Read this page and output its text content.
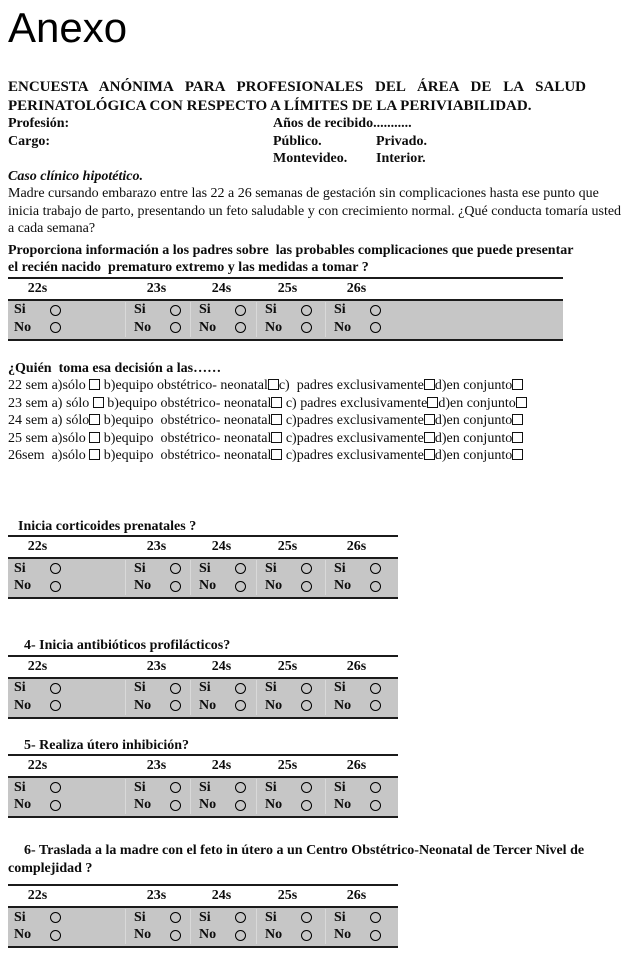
Anexo
ENCUESTA ANÓNIMA PARA PROFESIONALES DEL ÁREA DE LA SALUD
PERINATOLÓGICA CON RESPECTO A LÍMITES DE LA PERIVIABILIDAD.
Profesión:	Años de recibido...........
Cargo:	Público.	Privado.
Montevideo. Interior.
Caso clínico hipotético.
Madre cursando embarazo entre las 22 a 26 semanas de gestación sin complicaciones hasta ese punto que inicia trabajo de parto, presentando un feto saludable y con crecimiento normal. ¿Qué conducta tomaría usted a cada semana?
Proporciona información a los padres sobre  las probables complicaciones que puede presentar el recién nacido  prematuro extremo y las medidas a tomar ?
22s	23s	24s	25s	26s
Si	Si	Si	Si	Si
No	No	No	No	No
¿Quién  toma esa decisión a las……
22 sem a)sólo  b)equipo obstétrico- neonatal c)  padres exclusivamente d)en conjunto
23 sem a) sólo  b)equipo obstétrico- neonatal c) padres exclusivamente d)en conjunto
24 sem a) sólo b)equipo  obstétrico- neonatal c)padres exclusivamente d)en conjunto
25 sem a)sólo  b)equipo  obstétrico- neonatal c)padres exclusivamente d)en conjunto
26sem  a)sólo  b)equipo  obstétrico- neonatal c)padres exclusivamente d)en conjunto
Inicia corticoides prenatales ?
22s	23s	24s	25s	26s
Si	Si	Si	Si	Si
No	No	No	No	No
4- Inicia antibióticos profilácticos?
22s	23s	24s	25s	26s
Si	Si	Si	Si	Si
No	No	No	No	No
5- Realiza útero inhibición?
22s	23s	24s	25s	26s
Si	Si	Si	Si	Si
No	No	No	No	No
6- Traslada a la madre con el feto in útero a un Centro Obstétrico-Neonatal de Tercer Nivel de complejidad ?
22s	23s	24s	25s	26s
Si	Si	Si	Si	Si
No	No	No	No	No
